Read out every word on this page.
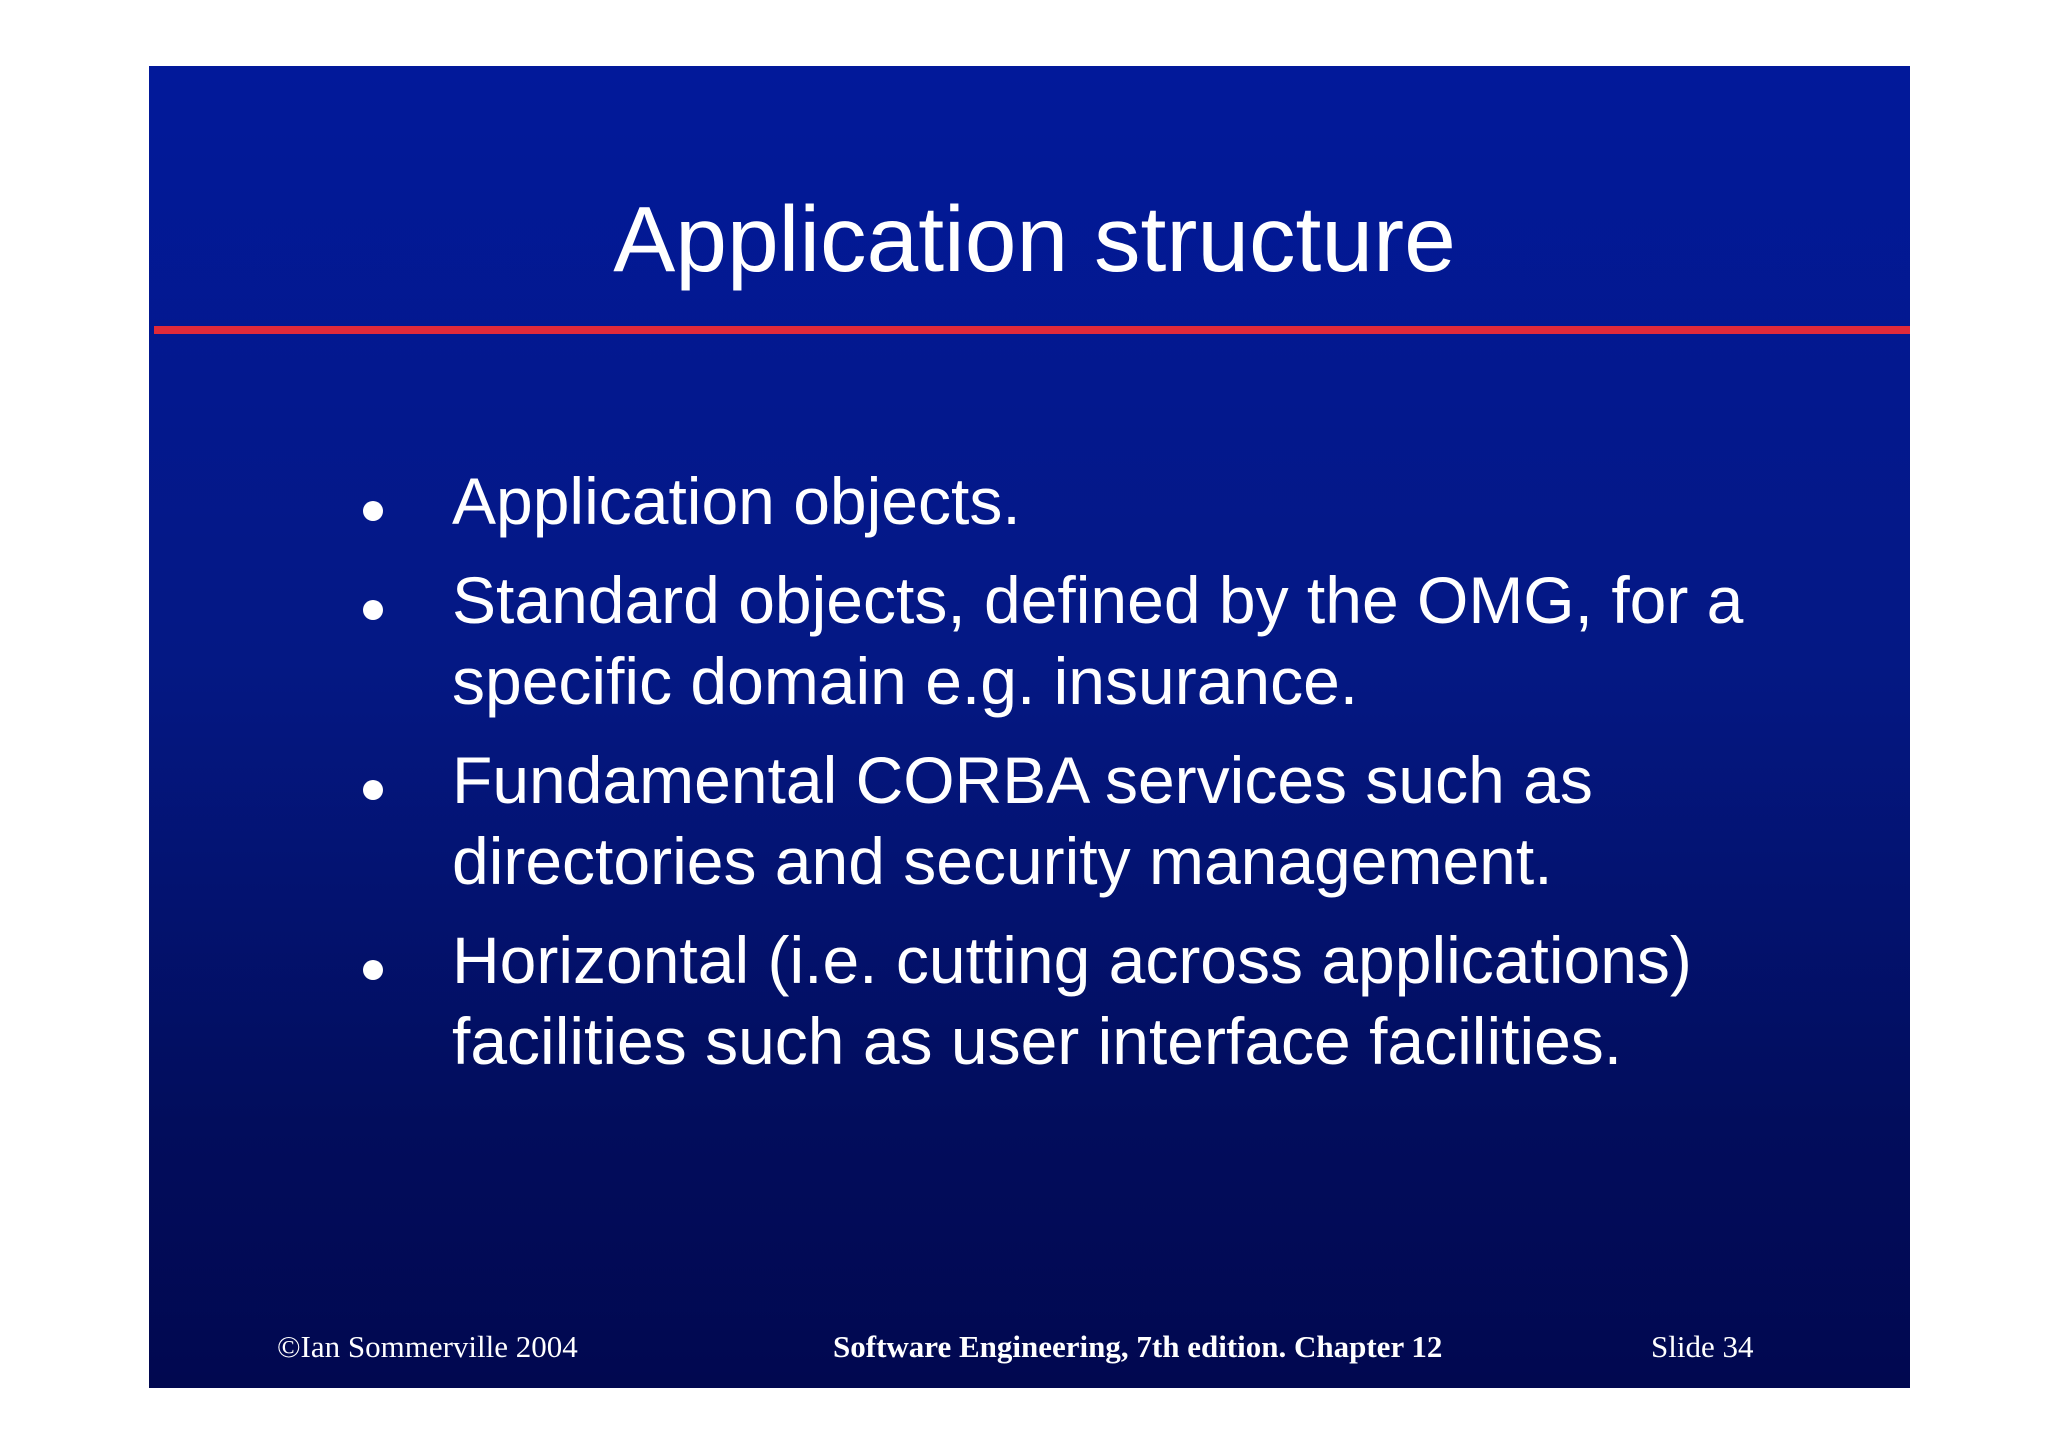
Application structure
Application objects.
Standard objects, defined by the OMG, for a specific domain e.g. insurance.
Fundamental CORBA services such as directories and security management.
Horizontal (i.e. cutting across applications) facilities such as user interface facilities.
©Ian Sommerville 2004	Software Engineering, 7th edition. Chapter 12	Slide 34
